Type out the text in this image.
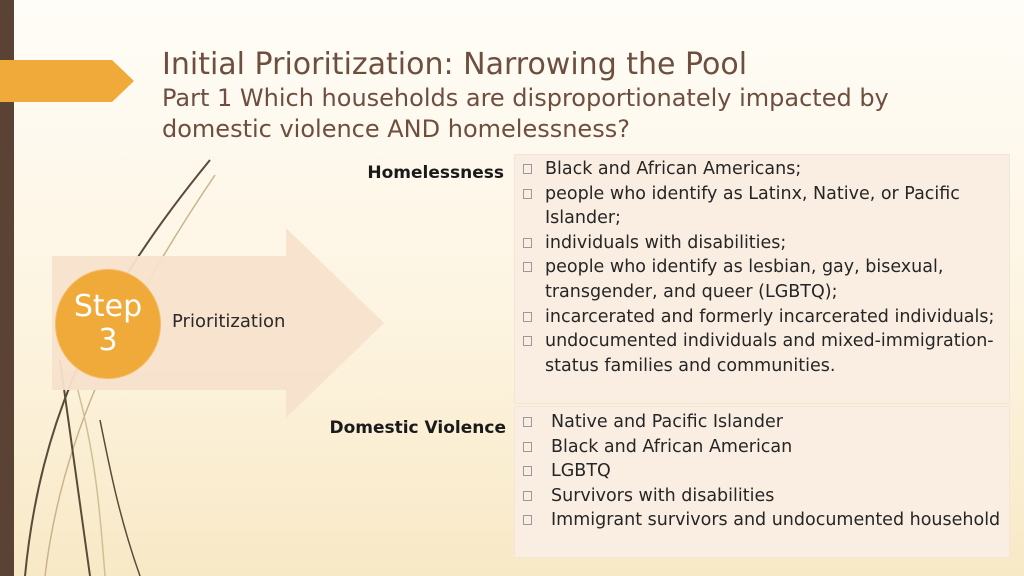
Initial Prioritization: Narrowing the Pool
Part 1 Which households are disproportionately impacted by domestic violence AND homelessness?
Step
3
Prioritization
Homelessness	Black and African Americans;
people who identify as Latinx, Native, or Pacific Islander;
individuals with disabilities;
people who identify as lesbian, gay, bisexual, transgender, and queer (LGBTQ);
incarcerated and formerly incarcerated individuals;
undocumented individuals and mixed-immigration-status families and communities.
Domestic Violence	Native and Pacific Islander
Black and African American
LGBTQ
Survivors with disabilities
Immigrant survivors and undocumented household
